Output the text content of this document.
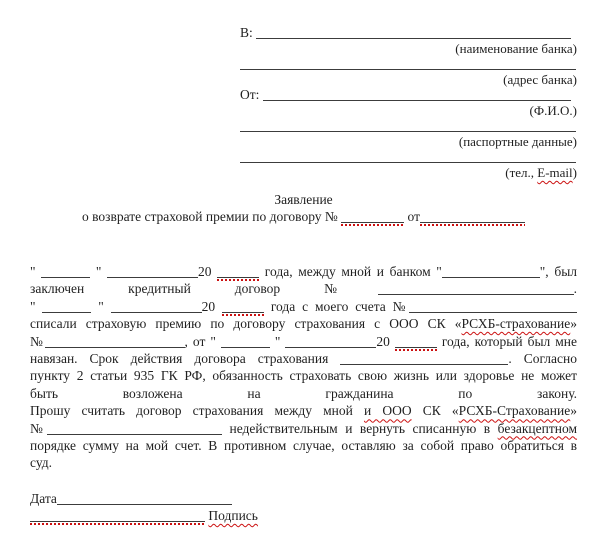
В:
(наименование банка)
(адрес банка)
От:
(Ф.И.О.)
(паспортные данные)
(тел., E-mail)
Заявление
о возврате страховой премии по договору №	от
"	"	20	года, между мной и банком "	", был
заключен кредитный договор №	.
"	"	20	года с моего счета №
списали страховую премию по договору страхования с ООО СК «РСХБ-страхование»
№	, от "	"	20	года, который был мне
навязан. Срок действия договора страхования	. Согласно
пункту 2 статьи 935 ГК РФ, обязанность страховать свою жизнь или здоровье не может
быть возложена на гражданина по закону.
Прошу считать договор страхования между мной и ООО СК «РСХБ-Страхование»
№	недействительным и вернуть списанную в безакцептном
порядке сумму на мой счет. В противном случае, оставляю за собой право обратиться в
суд.
Дата
Подпись
